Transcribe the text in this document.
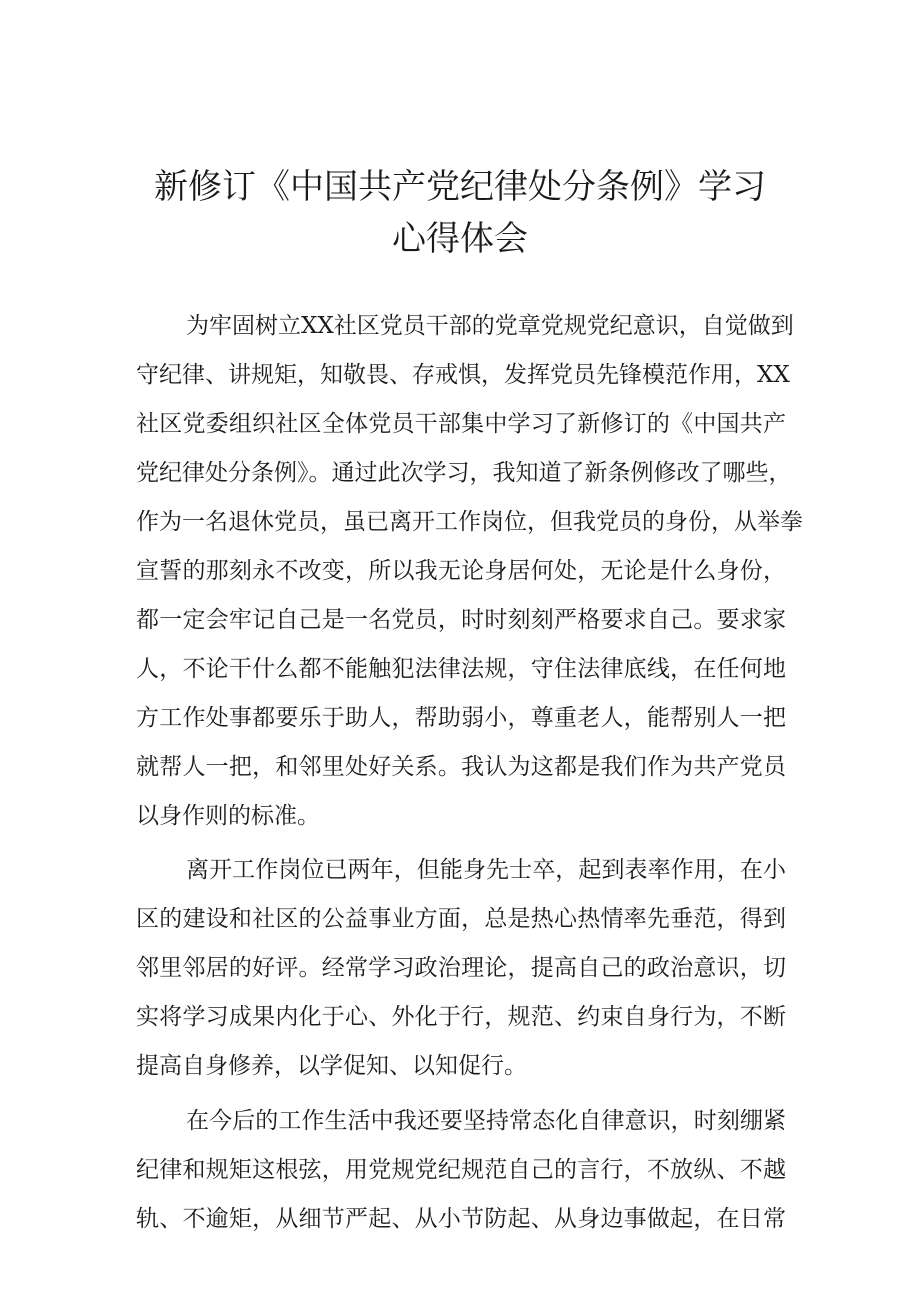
新修订《中国共产党纪律处分条例》学习
心得体会
为牢固树立XX社区党员干部的党章党规党纪意识，自觉做到
守纪律、讲规矩，知敬畏、存戒惧，发挥党员先锋模范作用，XX
社区党委组织社区全体党员干部集中学习了新修订的《中国共产
党纪律处分条例》。通过此次学习，我知道了新条例修改了哪些，
作为一名退休党员，虽已离开工作岗位，但我党员的身份，从举拳
宣誓的那刻永不改变，所以我无论身居何处，无论是什么身份，
都一定会牢记自己是一名党员，时时刻刻严格要求自己。要求家
人，不论干什么都不能触犯法律法规，守住法律底线，在任何地
方工作处事都要乐于助人，帮助弱小，尊重老人，能帮别人一把
就帮人一把，和邻里处好关系。我认为这都是我们作为共产党员
以身作则的标准。
离开工作岗位已两年，但能身先士卒，起到表率作用，在小
区的建设和社区的公益事业方面，总是热心热情率先垂范，得到
邻里邻居的好评。经常学习政治理论，提高自己的政治意识，切
实将学习成果内化于心、外化于行，规范、约束自身行为，不断
提高自身修养，以学促知、以知促行。
在今后的工作生活中我还要坚持常态化自律意识，时刻绷紧
纪律和规矩这根弦，用党规党纪规范自己的言行，不放纵、不越
轨、不逾矩，从细节严起、从小节防起、从身边事做起，在日常
